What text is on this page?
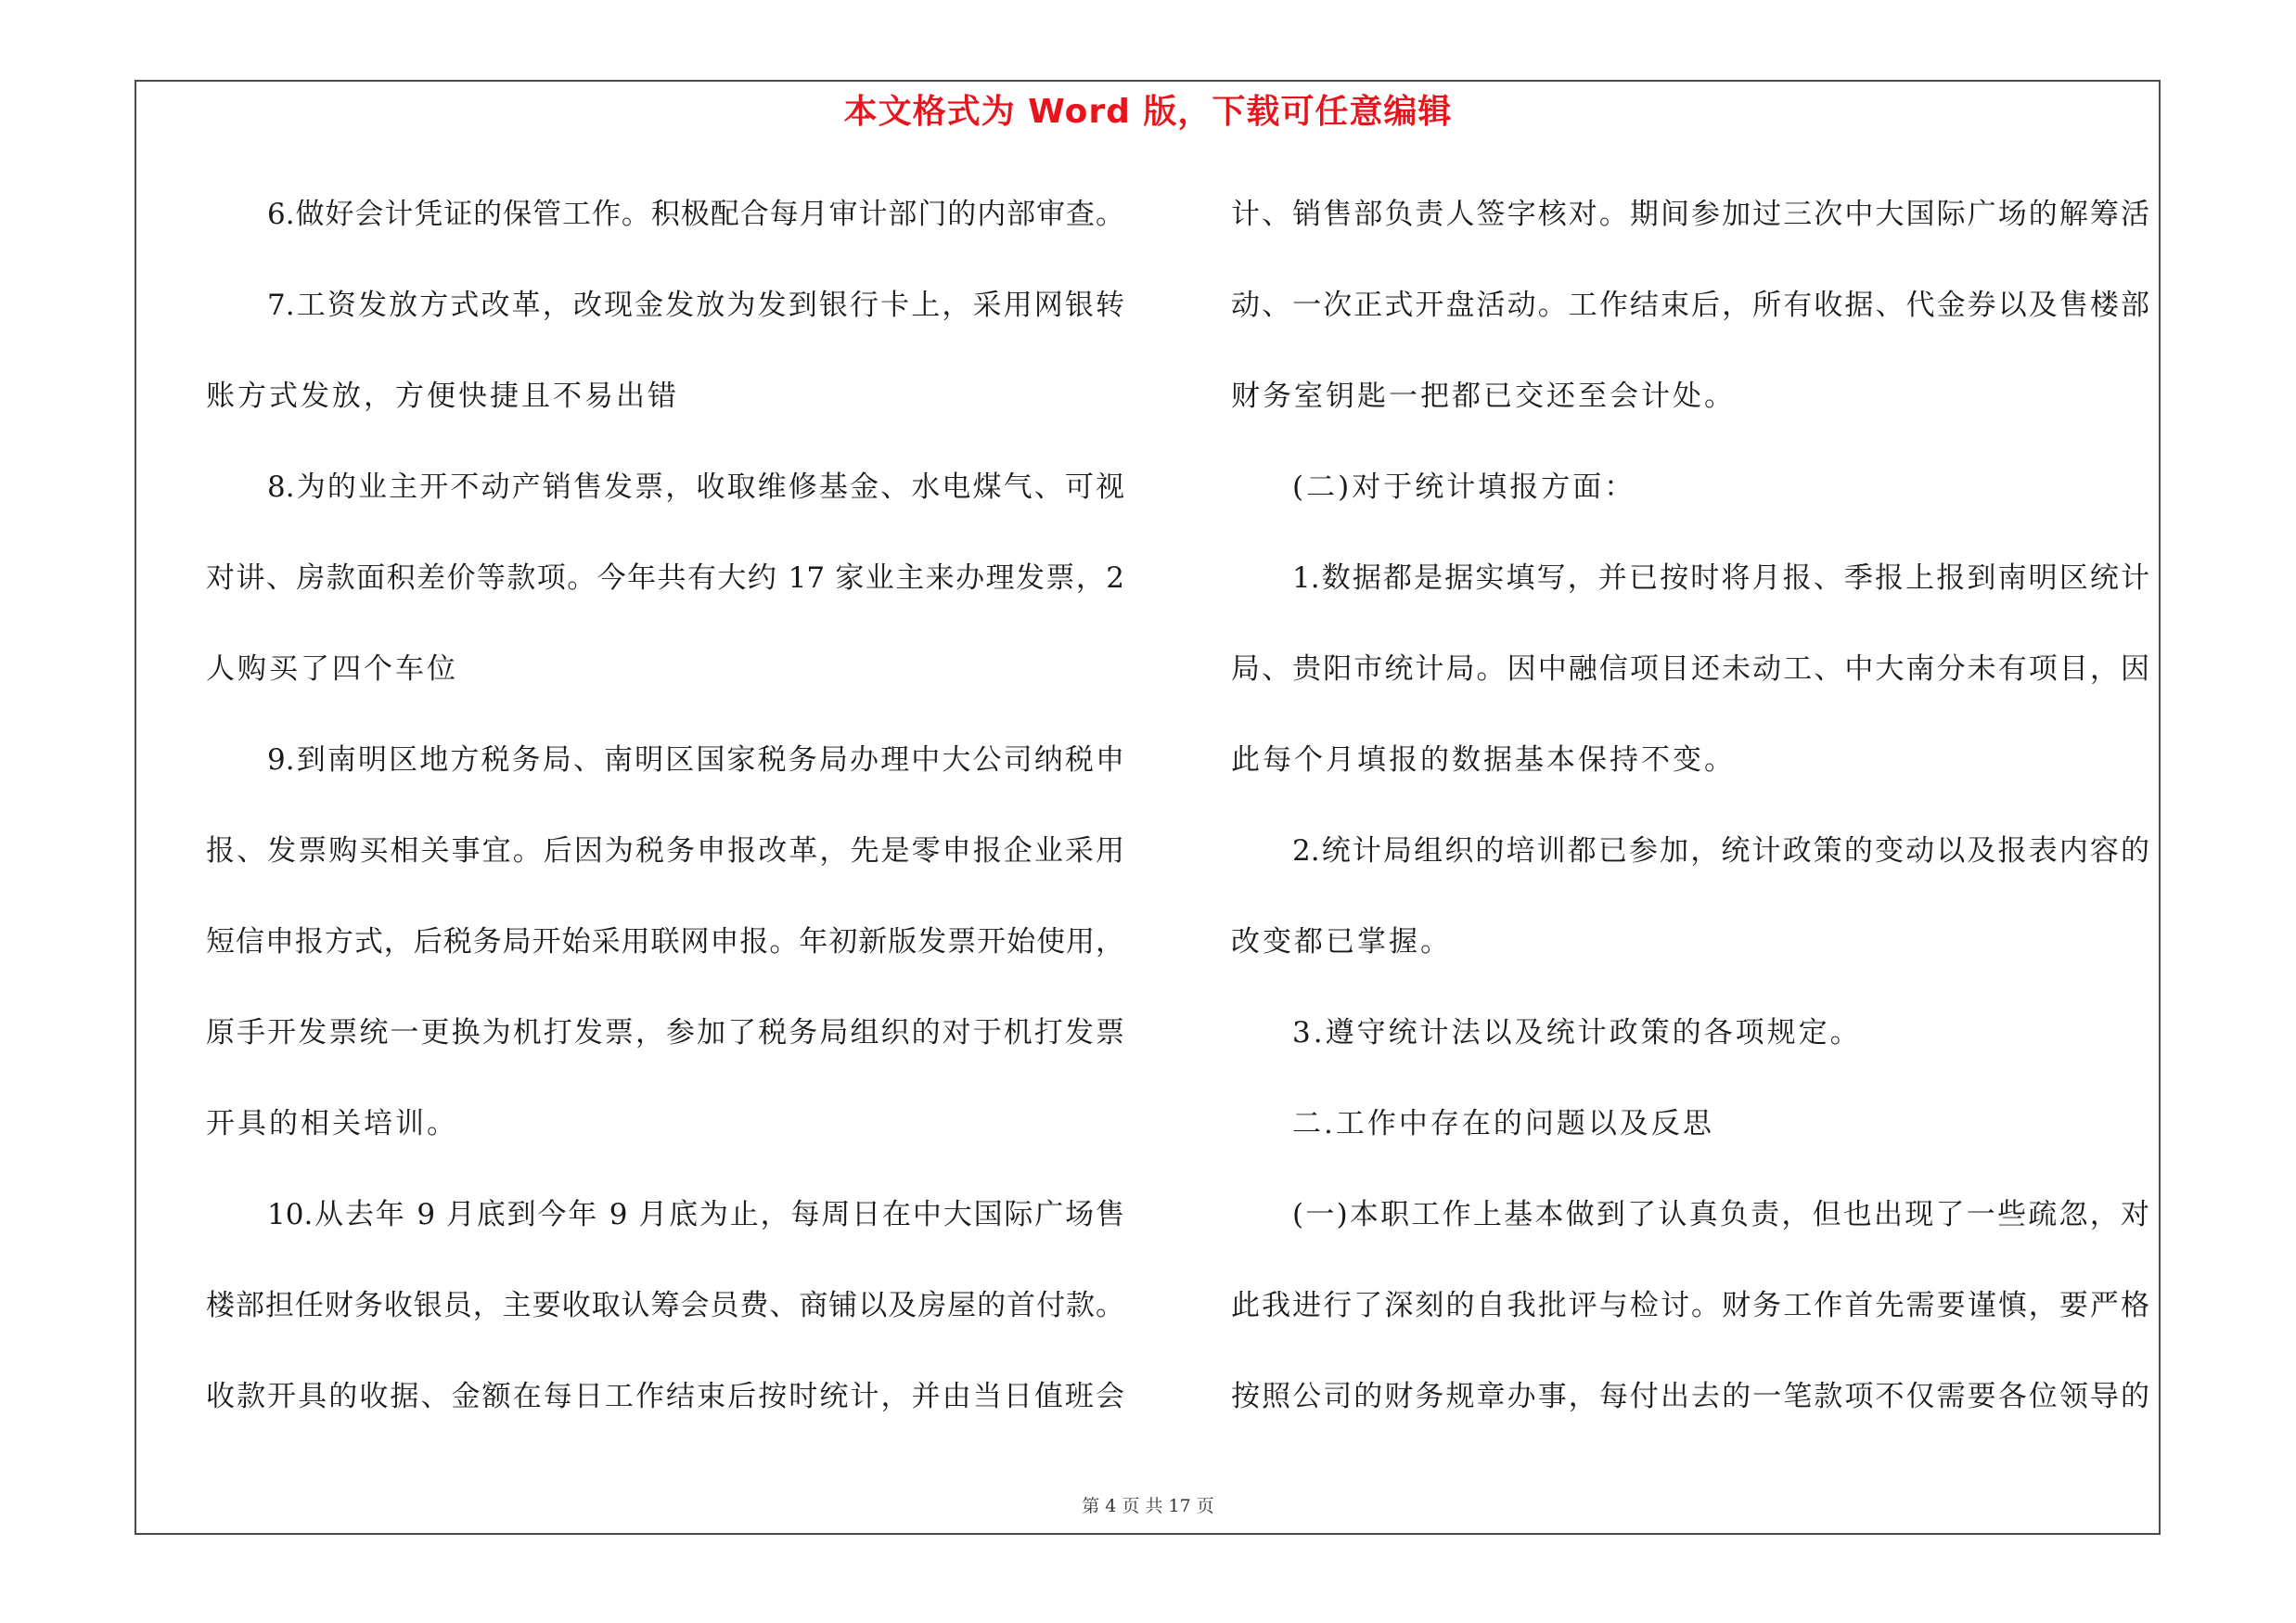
本文格式为 Word 版，下载可任意编辑
6.做好会计凭证的保管工作。积极配合每月审计部门的内部审查。
7.工资发放方式改革，改现金发放为发到银行卡上，采用网银转
账方式发放，方便快捷且不易出错
8.为的业主开不动产销售发票，收取维修基金、水电煤气、可视
对讲、房款面积差价等款项。今年共有大约 17 家业主来办理发票，2
人购买了四个车位
9.到南明区地方税务局、南明区国家税务局办理中大公司纳税申
报、发票购买相关事宜。后因为税务申报改革，先是零申报企业采用
短信申报方式，后税务局开始采用联网申报。年初新版发票开始使用，
原手开发票统一更换为机打发票，参加了税务局组织的对于机打发票
开具的相关培训。
10.从去年 9 月底到今年 9 月底为止，每周日在中大国际广场售
楼部担任财务收银员，主要收取认筹会员费、商铺以及房屋的首付款。
收款开具的收据、金额在每日工作结束后按时统计，并由当日值班会
计、销售部负责人签字核对。期间参加过三次中大国际广场的解筹活
动、一次正式开盘活动。工作结束后，所有收据、代金券以及售楼部
财务室钥匙一把都已交还至会计处。
(二)对于统计填报方面：
1.数据都是据实填写，并已按时将月报、季报上报到南明区统计
局、贵阳市统计局。因中融信项目还未动工、中大南分未有项目，因
此每个月填报的数据基本保持不变。
2.统计局组织的培训都已参加，统计政策的变动以及报表内容的
改变都已掌握。
3.遵守统计法以及统计政策的各项规定。
二.工作中存在的问题以及反思
(一)本职工作上基本做到了认真负责，但也出现了一些疏忽，对
此我进行了深刻的自我批评与检讨。财务工作首先需要谨慎，要严格
按照公司的财务规章办事，每付出去的一笔款项不仅需要各位领导的
第 4 页 共 17 页
